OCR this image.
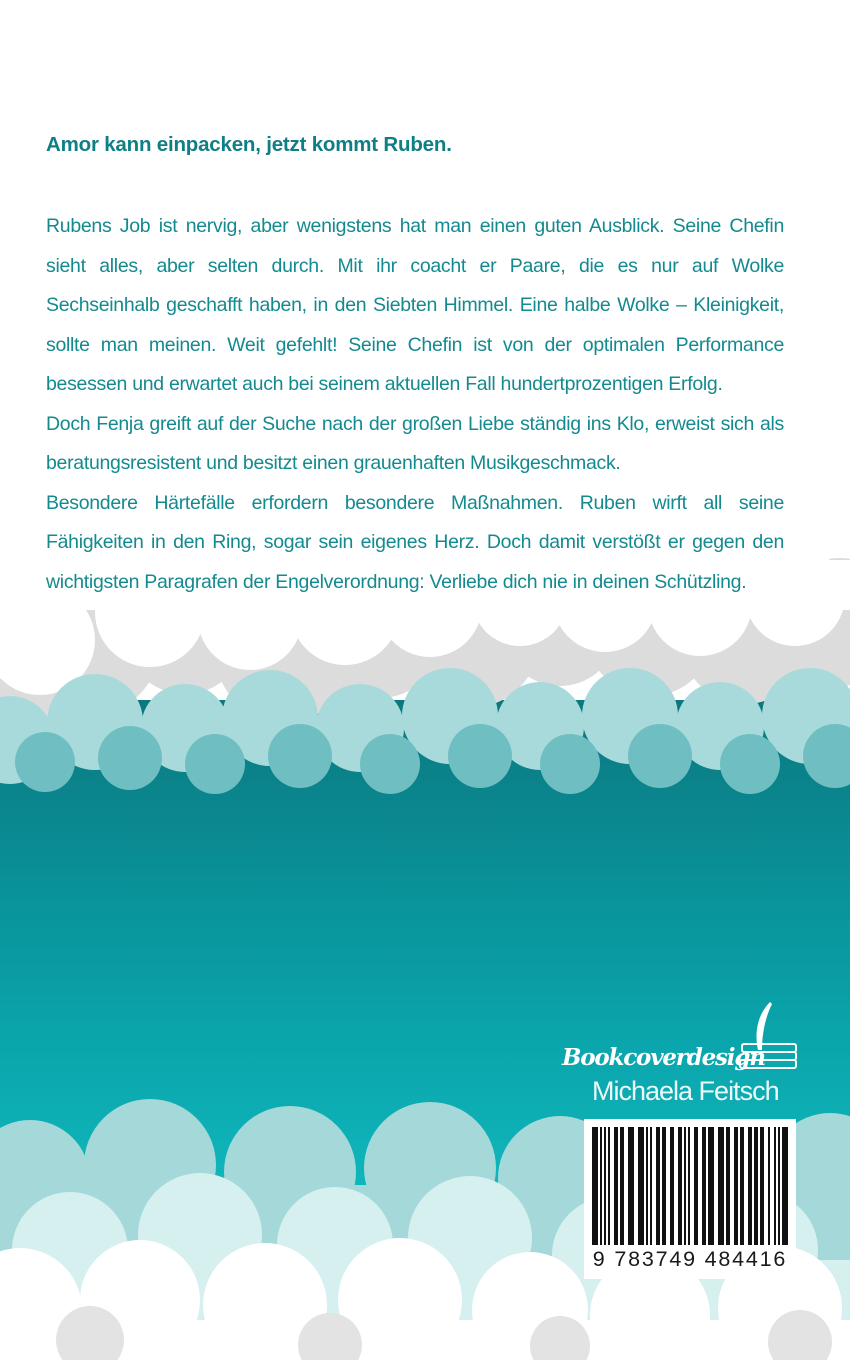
Amor kann einpacken, jetzt kommt Ruben.

Rubens Job ist nervig, aber wenigstens hat man einen guten Ausblick. Seine Chefin sieht alles, aber selten durch. Mit ihr coacht er Paare, die es nur auf Wolke Sechseinhalb geschafft haben, in den Siebten Himmel. Eine halbe Wolke – Kleinigkeit, sollte man meinen. Weit gefehlt! Seine Chefin ist von der optimalen Performance besessen und erwartet auch bei seinem aktuellen Fall hundertprozentigen Erfolg.

Doch Fenja greift auf der Suche nach der großen Liebe ständig ins Klo, erweist sich als beratungsresistent und besitzt einen grauenhaften Musikgeschmack.

Besondere Härtefälle erfordern besondere Maßnahmen. Ruben wirft all seine Fähigkeiten in den Ring, sogar sein eigenes Herz. Doch damit verstößt er gegen den wichtigsten Paragrafen der Engelverordnung: Verliebe dich nie in deinen Schützling.

Bookcoverdesign
Michaela Feitsch
9 783749 484416
